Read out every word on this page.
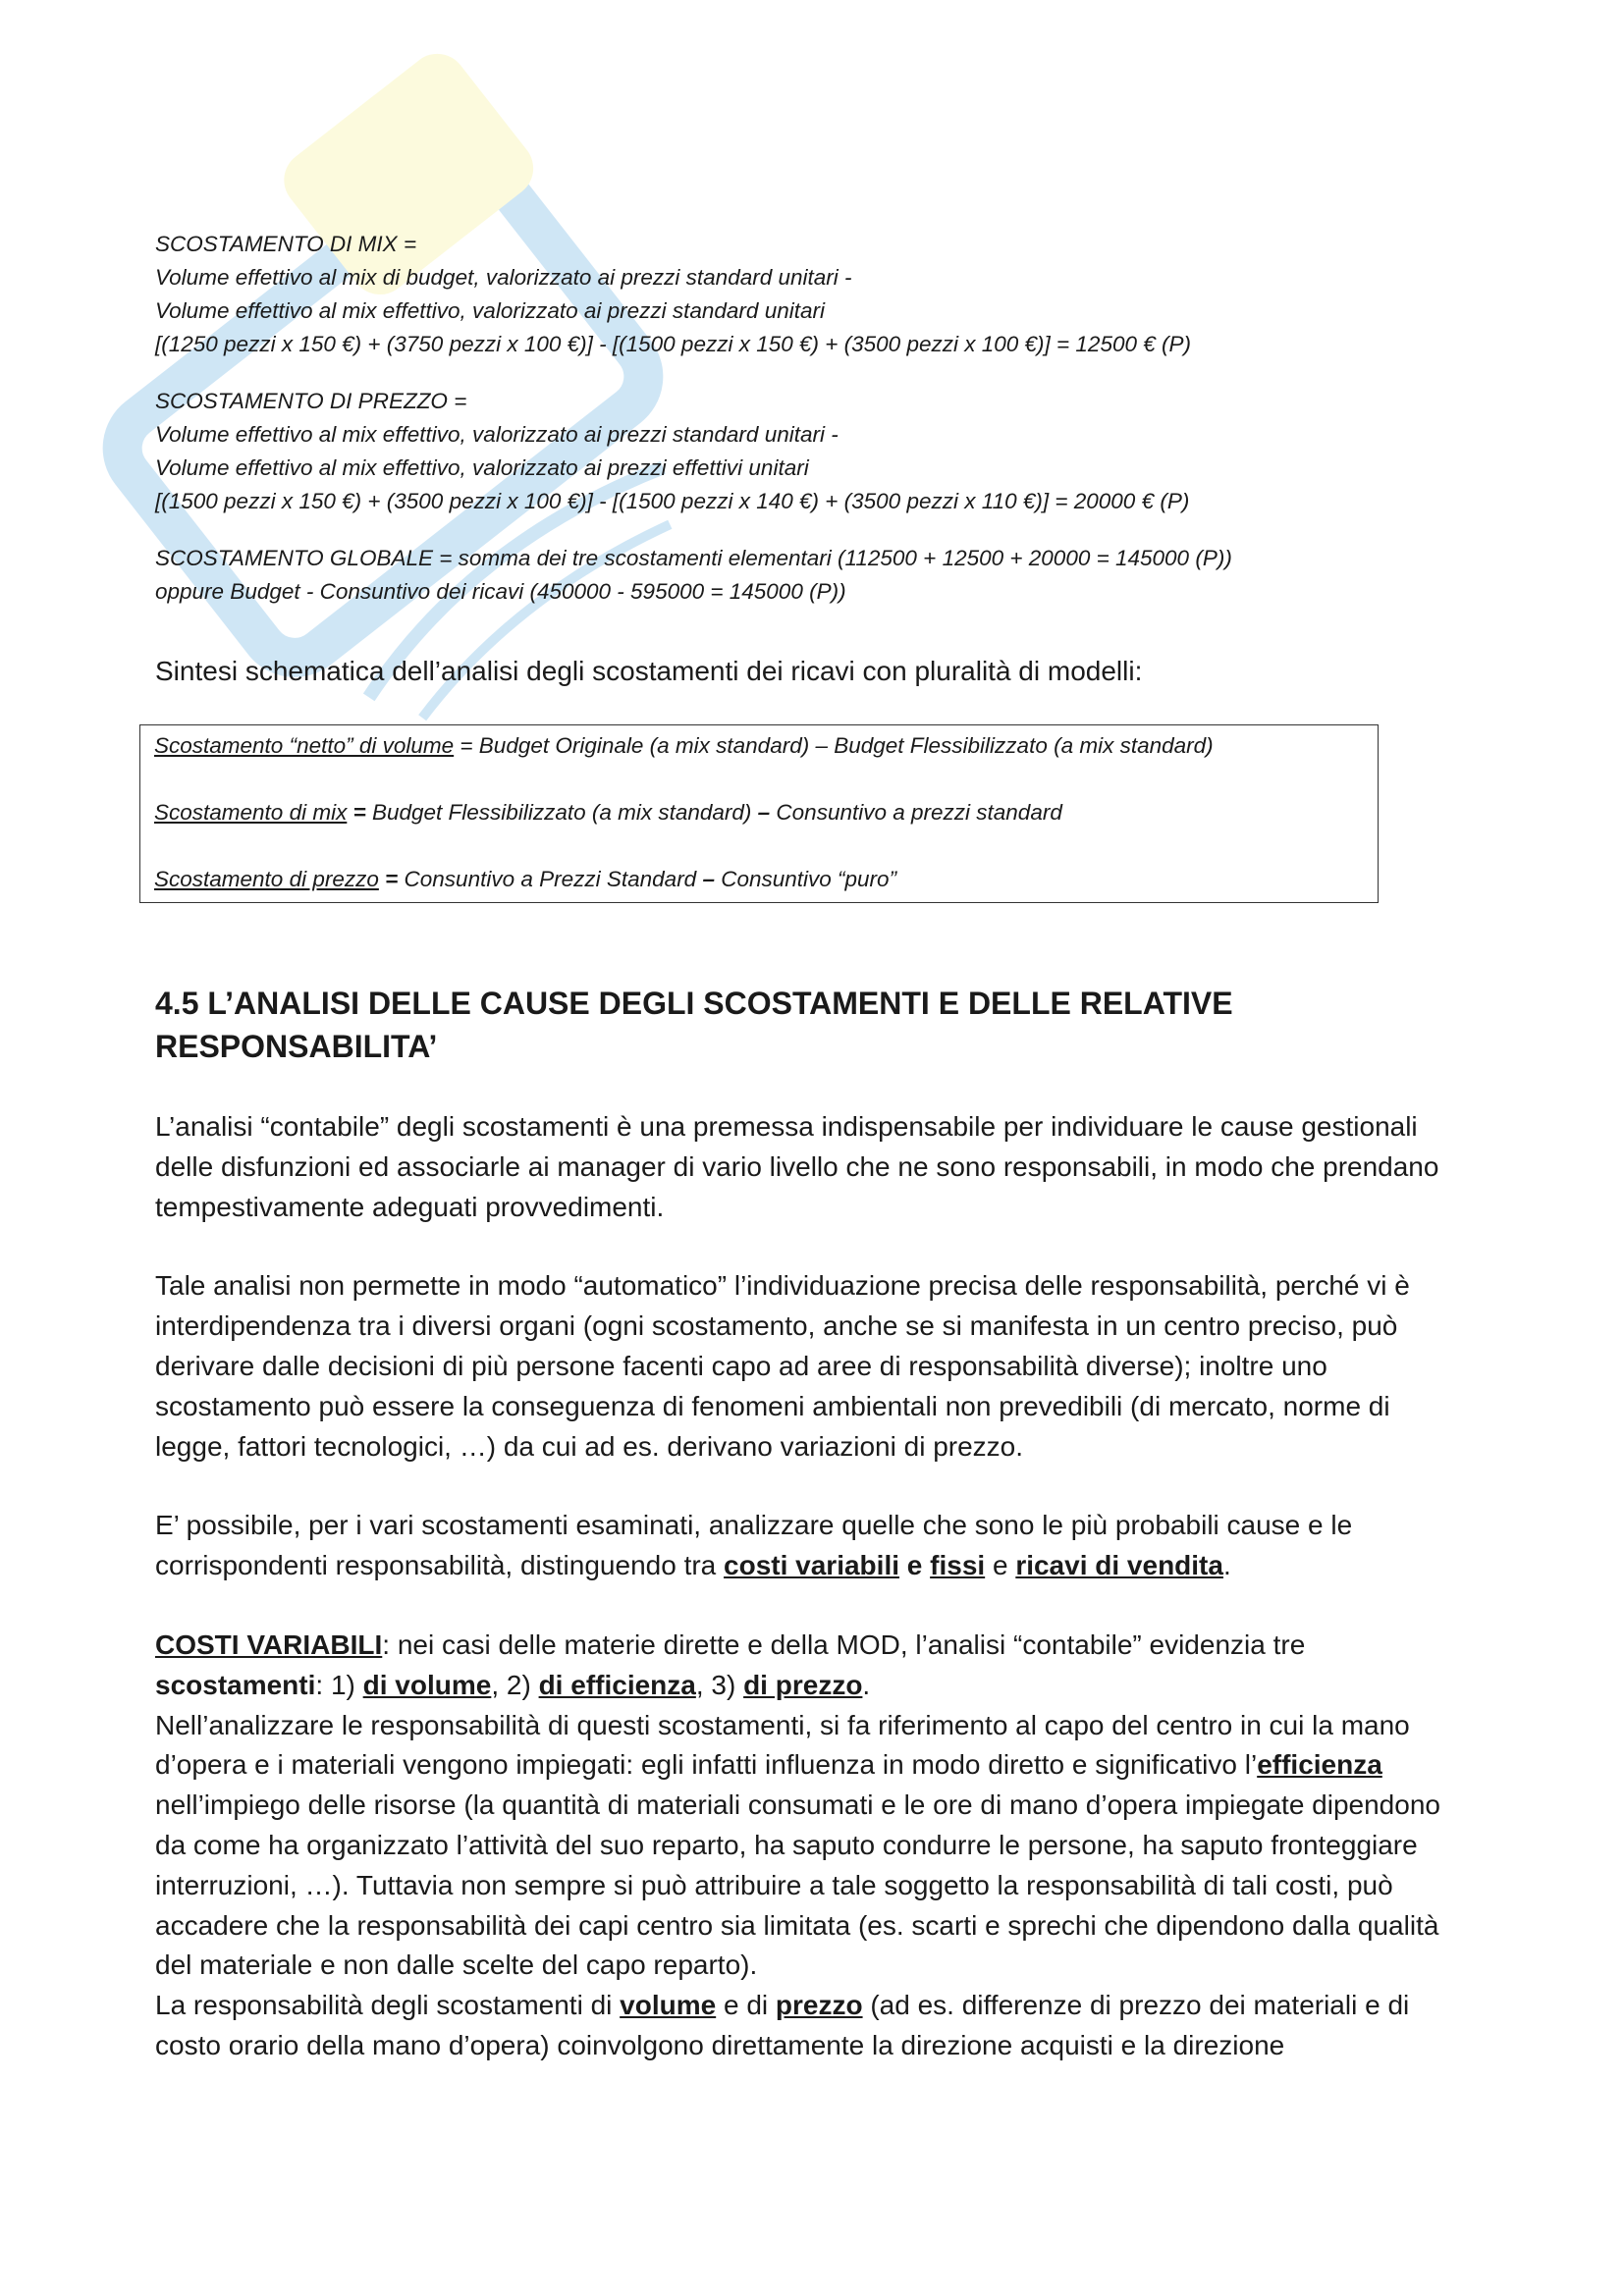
SCOSTAMENTO DI MIX =

Volume effettivo al mix di budget, valorizzato ai prezzi standard unitari -

Volume effettivo al mix effettivo, valorizzato ai prezzi standard unitari

[(1250 pezzi x 150 €) + (3750 pezzi x 100 €)] - [(1500 pezzi x 150 €) + (3500 pezzi x 100 €)] = 12500 € (P)

SCOSTAMENTO DI PREZZO =

Volume effettivo al mix effettivo, valorizzato ai prezzi standard unitari -

Volume effettivo al mix effettivo, valorizzato ai prezzi effettivi unitari

[(1500 pezzi x 150 €) + (3500 pezzi x 100 €)] - [(1500 pezzi x 140 €) + (3500 pezzi x 110 €)] = 20000 € (P)

SCOSTAMENTO GLOBALE = somma dei tre scostamenti elementari (112500 + 12500 + 20000 = 145000 (P))

oppure Budget - Consuntivo dei ricavi (450000 - 595000 = 145000 (P))

Sintesi schematica dell’analisi degli scostamenti dei ricavi con pluralità di modelli:

Scostamento “netto” di volume = Budget Originale (a mix standard) – Budget Flessibilizzato (a mix standard)

Scostamento di mix = Budget Flessibilizzato (a mix standard) – Consuntivo a prezzi standard

Scostamento di prezzo = Consuntivo a Prezzi Standard – Consuntivo “puro”

4.5 L’ANALISI DELLE CAUSE DEGLI SCOSTAMENTI E DELLE RELATIVE
RESPONSABILITA’

L’analisi “contabile” degli scostamenti è una premessa indispensabile per individuare le cause gestionali delle disfunzioni ed associarle ai manager di vario livello che ne sono responsabili, in modo che prendano tempestivamente adeguati provvedimenti.

Tale analisi non permette in modo “automatico” l’individuazione precisa delle responsabilità, perché vi è interdipendenza tra i diversi organi (ogni scostamento, anche se si manifesta in un centro preciso, può derivare dalle decisioni di più persone facenti capo ad aree di responsabilità diverse); inoltre uno scostamento può essere la conseguenza di fenomeni ambientali non prevedibili (di mercato, norme di legge, fattori tecnologici, …) da cui ad es. derivano variazioni di prezzo.

E’ possibile, per i vari scostamenti esaminati, analizzare quelle che sono le più probabili cause e le corrispondenti responsabilità, distinguendo tra costi variabili e fissi e ricavi di vendita.

COSTI VARIABILI: nei casi delle materie dirette e della MOD, l’analisi “contabile” evidenzia tre scostamenti: 1) di volume, 2) di efficienza, 3) di prezzo.

Nell’analizzare le responsabilità di questi scostamenti, si fa riferimento al capo del centro in cui la mano d’opera e i materiali vengono impiegati: egli infatti influenza in modo diretto e significativo l’efficienza nell’impiego delle risorse (la quantità di materiali consumati e le ore di mano d’opera impiegate dipendono da come ha organizzato l’attività del suo reparto, ha saputo condurre le persone, ha saputo fronteggiare interruzioni, …). Tuttavia non sempre si può attribuire a tale soggetto la responsabilità di tali costi, può accadere che la responsabilità dei capi centro sia limitata (es. scarti e sprechi che dipendono dalla qualità del materiale e non dalle scelte del capo reparto).

La responsabilità degli scostamenti di volume e di prezzo (ad es. differenze di prezzo dei materiali e di costo orario della mano d’opera) coinvolgono direttamente la direzione acquisti e la direzione
